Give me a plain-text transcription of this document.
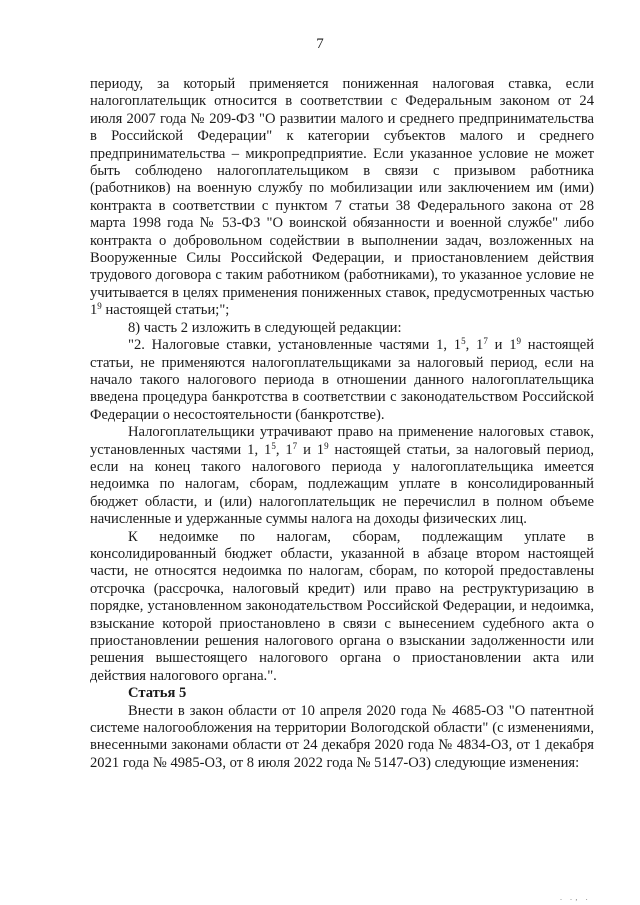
7

периоду, за который применяется пониженная налоговая ставка, если налогоплательщик относится в соответствии с Федеральным законом от 24 июля 2007 года № 209-ФЗ "О развитии малого и среднего предпринимательства в Российской Федерации" к категории субъектов малого и среднего предпринимательства – микропредприятие. Если указанное условие не может быть соблюдено налогоплательщиком в связи с призывом работника (работников) на военную службу по мобилизации или заключением им (ими) контракта в соответствии с пунктом 7 статьи 38 Федерального закона от 28 марта 1998 года № 53-ФЗ "О воинской обязанности и военной службе" либо контракта о добровольном содействии в выполнении задач, возложенных на Вооруженные Силы Российской Федерации, и приостановлением действия трудового договора с таким работником (работниками), то указанное условие не учитывается в целях применения пониженных ставок, предусмотренных частью $1^9$ настоящей статьи;";

8) часть 2 изложить в следующей редакции:

"2. Налоговые ставки, установленные частями 1, $1^5$, $1^7$ и $1^9$ настоящей статьи, не применяются налогоплательщиками за налоговый период, если на начало такого налогового периода в отношении данного налогоплательщика введена процедура банкротства в соответствии с законодательством Российской Федерации о несостоятельности (банкротстве).

Налогоплательщики утрачивают право на применение налоговых ставок, установленных частями 1, $1^5$, $1^7$ и $1^9$ настоящей статьи, за налоговый период, если на конец такого налогового периода у налогоплательщика имеется недоимка по налогам, сборам, подлежащим уплате в консолидированный бюджет области, и (или) налогоплательщик не перечислил в полном объеме начисленные и удержанные суммы налога на доходы физических лиц.

К недоимке по налогам, сборам, подлежащим уплате в консолидированный бюджет области, указанной в абзаце втором настоящей части, не относятся недоимка по налогам, сборам, по которой предоставлены отсрочка (рассрочка, налоговый кредит) или право на реструктуризацию в порядке, установленном законодательством Российской Федерации, и недоимка, взыскание которой приостановлено в связи с вынесением судебного акта о приостановлении решения налогового органа о взыскании задолженности или решения вышестоящего налогового органа о приостановлении акта или действия налогового органа.".

Статья 5

Внести в закон области от 10 апреля 2020 года № 4685-ОЗ "О патентной системе налогообложения на территории Вологодской области" (с изменениями, внесенными законами области от 24 декабря 2020 года № 4834-ОЗ, от 1 декабря 2021 года № 4985-ОЗ, от 8 июля 2022 года № 5147-ОЗ) следующие изменения:

. .‚ .
